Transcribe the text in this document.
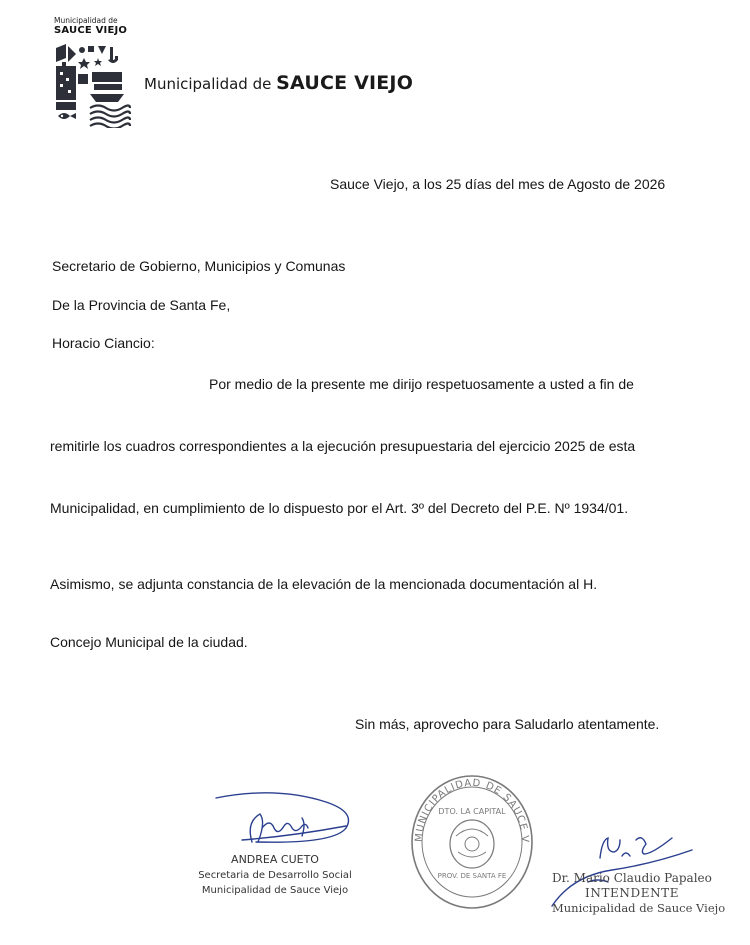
Municipalidad de
SAUCE VIEJO
Municipalidad de SAUCE VIEJO
Sauce Viejo, a los 25 días del mes de Agosto de 2026
Secretario de Gobierno, Municipios y Comunas
De la Provincia de Santa Fe,
Horacio Ciancio:
Por medio de la presente me dirijo respetuosamente a usted a fin de
remitirle los cuadros correspondientes a la ejecución presupuestaria del ejercicio 2025 de esta
Municipalidad, en cumplimiento de lo dispuesto por el Art. 3º del Decreto del P.E. Nº 1934/01.
Asimismo, se adjunta constancia de la elevación de la mencionada documentación al H.
Concejo Municipal de la ciudad.
Sin más, aprovecho para Saludarlo atentamente.
ANDREA CUETO
Secretaria de Desarrollo Social
Municipalidad de Sauce Viejo
MUNICIPALIDAD DE SAUCE V
DTO. LA CAPITAL
PROV. DE SANTA FE	Dr. Mario Claudio Papaleo
INTENDENTE
Municipalidad de Sauce Viejo
